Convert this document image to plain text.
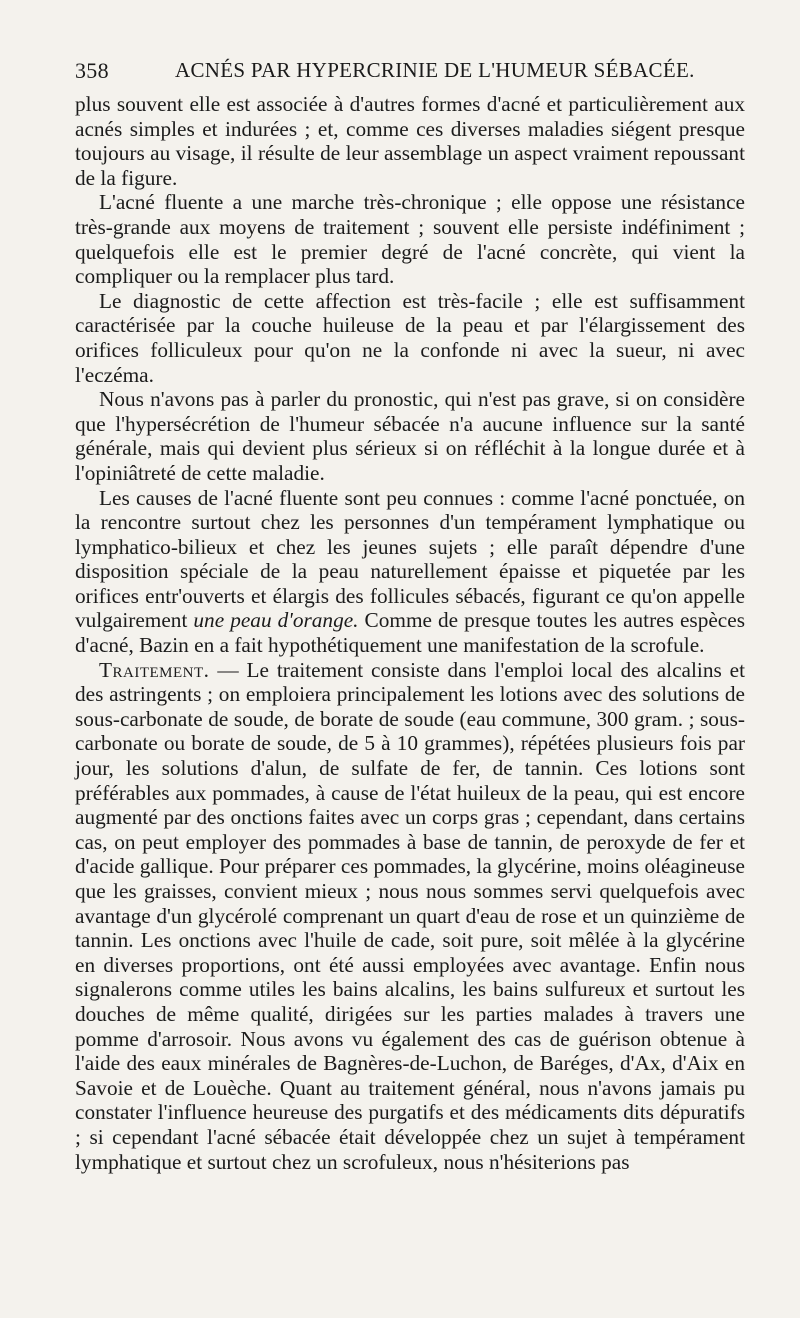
358	ACNÉS PAR HYPERCRINIE DE L'HUMEUR SÉBACÉE.

plus souvent elle est associée à d'autres formes d'acné et particulièrement aux acnés simples et indurées ; et, comme ces diverses maladies siégent presque toujours au visage, il résulte de leur assemblage un aspect vraiment repoussant de la figure.

L'acné fluente a une marche très-chronique ; elle oppose une résistance très-grande aux moyens de traitement ; souvent elle persiste indéfiniment ; quelquefois elle est le premier degré de l'acné concrète, qui vient la compliquer ou la remplacer plus tard.

Le diagnostic de cette affection est très-facile ; elle est suffisamment caractérisée par la couche huileuse de la peau et par l'élargissement des orifices folliculeux pour qu'on ne la confonde ni avec la sueur, ni avec l'eczéma.

Nous n'avons pas à parler du pronostic, qui n'est pas grave, si on considère que l'hypersécrétion de l'humeur sébacée n'a aucune influence sur la santé générale, mais qui devient plus sérieux si on réfléchit à la longue durée et à l'opiniâtreté de cette maladie.

Les causes de l'acné fluente sont peu connues : comme l'acné ponctuée, on la rencontre surtout chez les personnes d'un tempérament lymphatique ou lymphatico-bilieux et chez les jeunes sujets ; elle paraît dépendre d'une disposition spéciale de la peau naturellement épaisse et piquetée par les orifices entr'ouverts et élargis des follicules sébacés, figurant ce qu'on appelle vulgairement une peau d'orange. Comme de presque toutes les autres espèces d'acné, Bazin en a fait hypothétiquement une manifestation de la scrofule.

Traitement. — Le traitement consiste dans l'emploi local des alcalins et des astringents ; on emploiera principalement les lotions avec des solutions de sous-carbonate de soude, de borate de soude (eau commune, 300 gram. ; sous-carbonate ou borate de soude, de 5 à 10 grammes), répétées plusieurs fois par jour, les solutions d'alun, de sulfate de fer, de tannin. Ces lotions sont préférables aux pommades, à cause de l'état huileux de la peau, qui est encore augmenté par des onctions faites avec un corps gras ; cependant, dans certains cas, on peut employer des pommades à base de tannin, de peroxyde de fer et d'acide gallique. Pour préparer ces pommades, la glycérine, moins oléagineuse que les graisses, convient mieux ; nous nous sommes servi quelquefois avec avantage d'un glycérolé comprenant un quart d'eau de rose et un quinzième de tannin. Les onctions avec l'huile de cade, soit pure, soit mêlée à la glycérine en diverses proportions, ont été aussi employées avec avantage. Enfin nous signalerons comme utiles les bains alcalins, les bains sulfureux et surtout les douches de même qualité, dirigées sur les parties malades à travers une pomme d'arrosoir. Nous avons vu également des cas de guérison obtenue à l'aide des eaux minérales de Bagnères-de-Luchon, de Baréges, d'Ax, d'Aix en Savoie et de Louèche. Quant au traitement général, nous n'avons jamais pu constater l'influence heureuse des purgatifs et des médicaments dits dépuratifs ; si cependant l'acné sébacée était développée chez un sujet à tempérament lymphatique et surtout chez un scrofuleux, nous n'hésiterions pas
